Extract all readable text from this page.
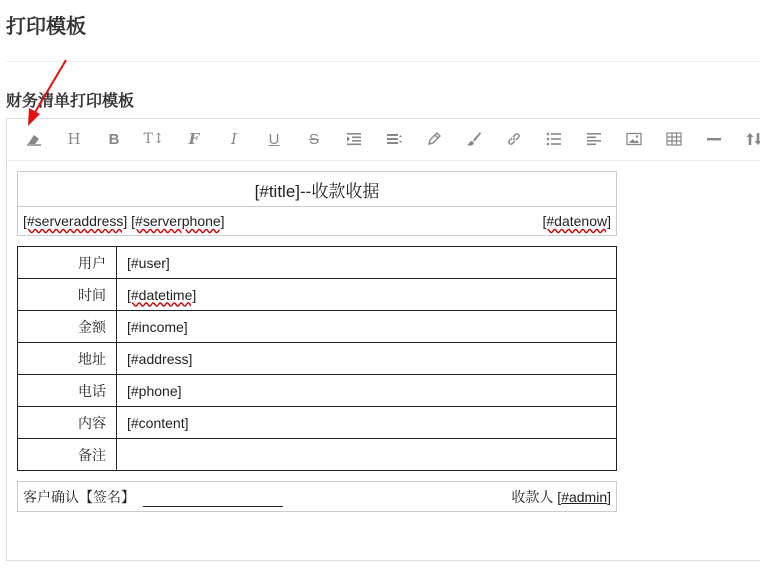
打印模板
财务清单打印模板
H	B	T↕	F	I	U	S
[#title]--收款收据
[#serveraddress] [#serverphone]	[#datenow]
用户	[#user]
时间	[#datetime]
金额	[#income]
地址	[#address]
电话	[#phone]
内容	[#content]
备注	
客户确认【签名】	收款人 [#admin]
